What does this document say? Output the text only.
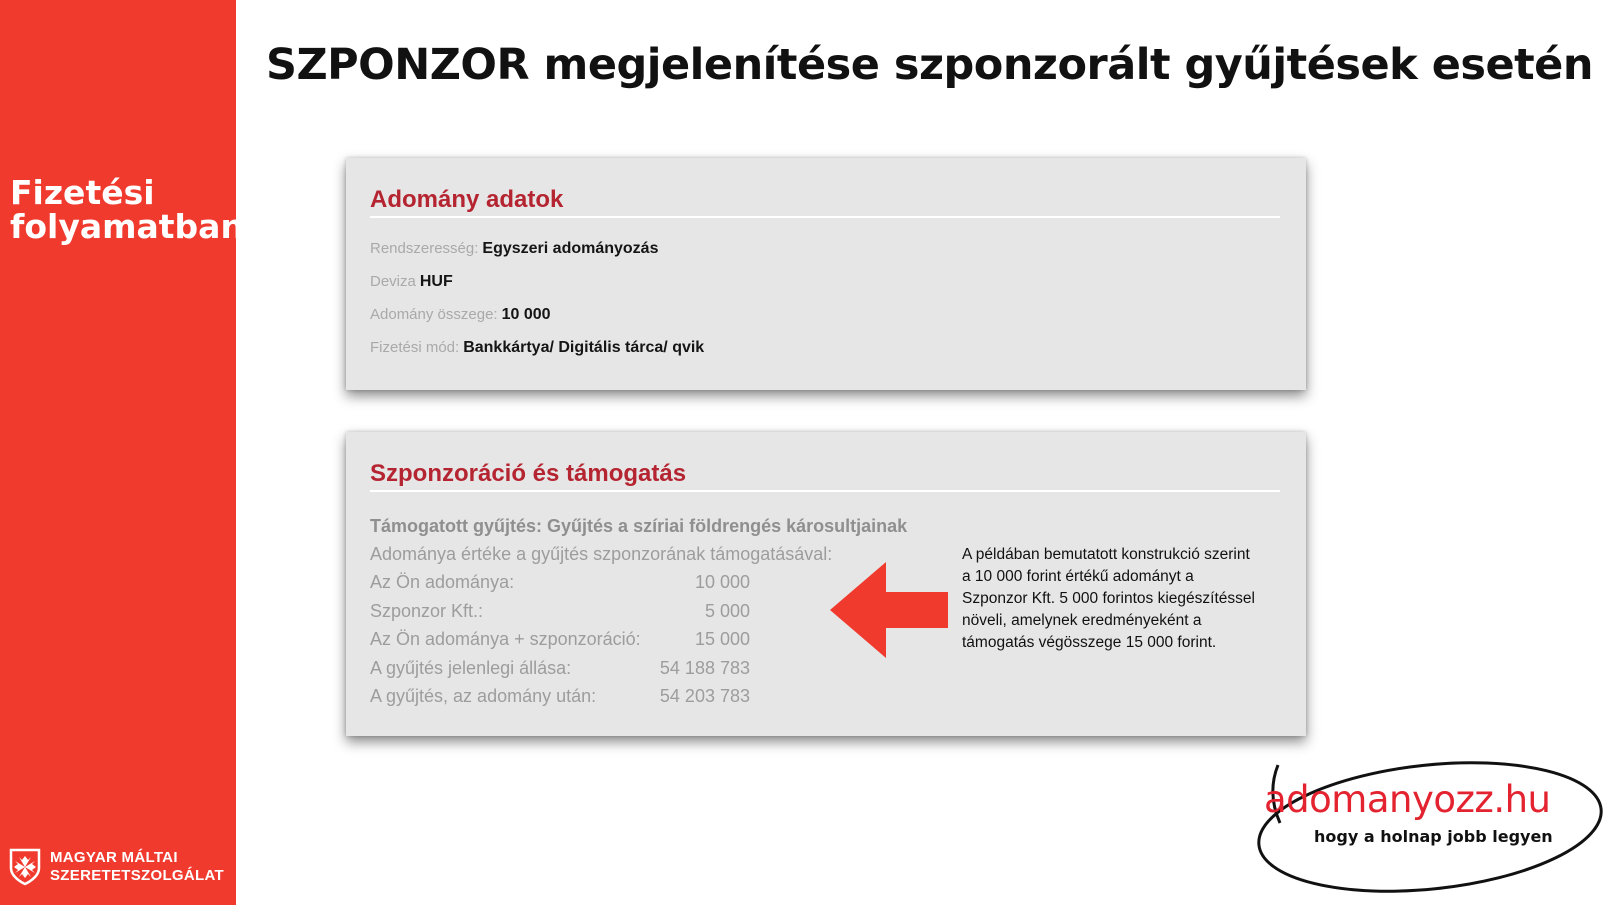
Fizetési
folyamatban
MAGYAR MÁLTAI
SZERETETSZOLGÁLAT
SZPONZOR megjelenítése szponzorált gyűjtések esetén
Adomány adatok
Rendszeresség: Egyszeri adományozás
Deviza HUF
Adomány összege: 10 000
Fizetési mód: Bankkártya/ Digitális tárca/ qvik
Szponzoráció és támogatás
Támogatott gyűjtés: Gyűjtés a szíriai földrengés károsultjainak
Adománya értéke a gyűjtés szponzorának támogatásával:
Az Ön adománya:	10 000
Szponzor Kft.:	5 000
Az Ön adománya + szponzoráció:	15 000
A gyűjtés jelenlegi állása:	54 188 783
A gyűjtés, az adomány után:	54 203 783
A példában bemutatott konstrukció szerint a 10 000 forint értékű adományt a Szponzor Kft. 5 000 forintos kiegészítéssel növeli, amelynek eredményeként a támogatás végösszege 15 000 forint.
adomanyozz.hu
hogy a holnap jobb legyen
